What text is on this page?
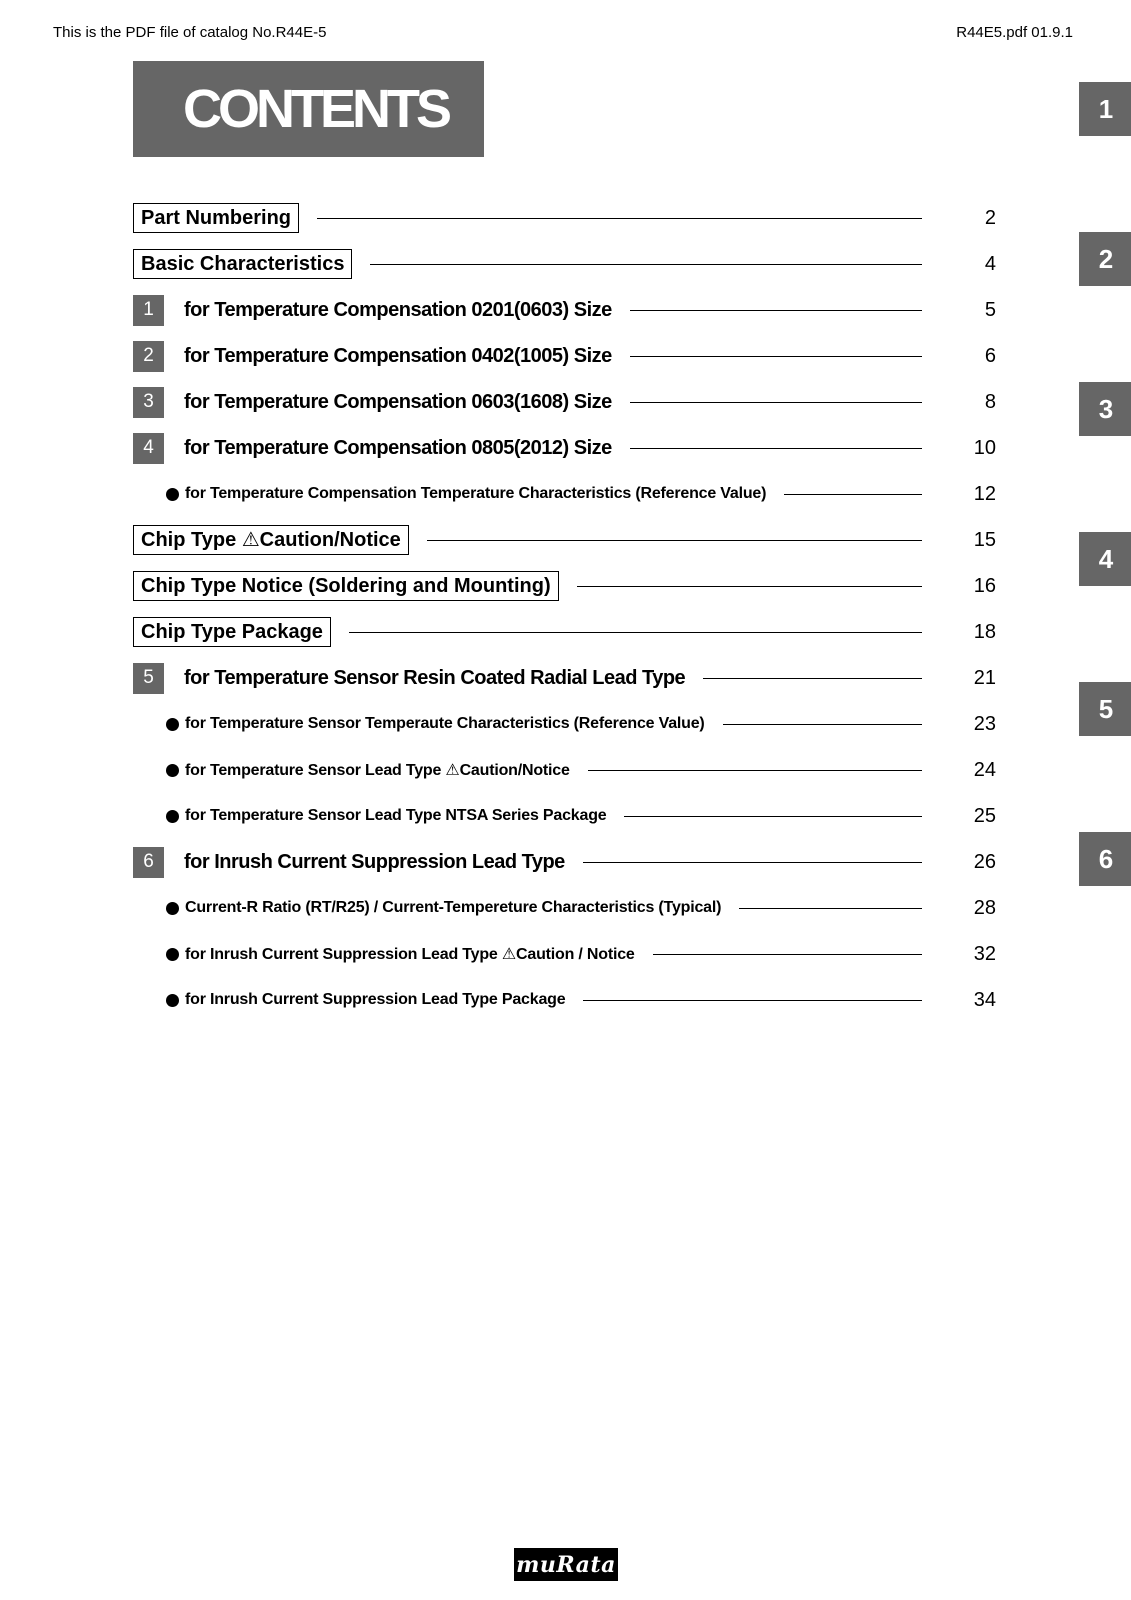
This is the PDF file of catalog No.R44E-5	R44E5.pdf 01.9.1
CONTENTS	1
2
3
4
5
6
Part Numbering	2
Basic Characteristics	4
1	for Temperature Compensation 0201(0603) Size	5
2	for Temperature Compensation 0402(1005) Size	6
3	for Temperature Compensation 0603(1608) Size	8
4	for Temperature Compensation 0805(2012) Size	10
for Temperature Compensation Temperature Characteristics (Reference Value)	12
Chip Type ⚠Caution/Notice	15
Chip Type Notice (Soldering and Mounting)	16
Chip Type Package	18
5	for Temperature Sensor Resin Coated Radial Lead Type	21
for Temperature Sensor Temperaute Characteristics (Reference Value)	23
for Temperature Sensor Lead Type ⚠Caution/Notice	24
for Temperature Sensor Lead Type NTSA Series Package	25
6	for Inrush Current Suppression Lead Type	26
Current-R Ratio (RT/R25) / Current-Tempereture Characteristics (Typical)	28
for Inrush Current Suppression Lead Type ⚠Caution / Notice	32
for Inrush Current Suppression Lead Type Package	34
muRata
